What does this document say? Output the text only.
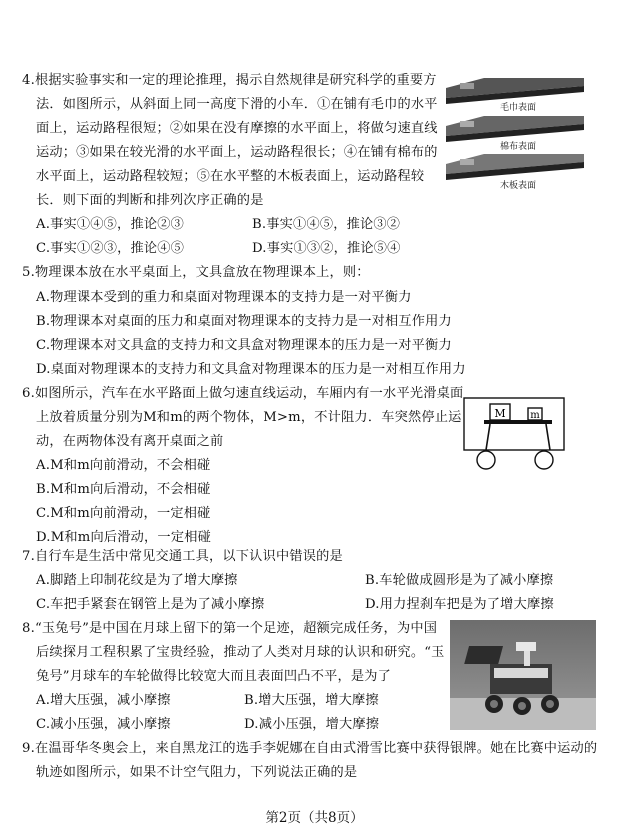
4.根据实验事实和一定的理论推理，揭示自然规律是研究科学的重要方
法．如图所示，从斜面上同一高度下滑的小车．①在铺有毛巾的水平
面上，运动路程很短；②如果在没有摩擦的水平面上，将做匀速直线
运动；③如果在较光滑的水平面上，运动路程很长；④在铺有棉布的
水平面上，运动路程较短；⑤在水平整的木板表面上，运动路程较
长．则下面的判断和排列次序正确的是
A.事实①④⑤，推论②③	B.事实①④⑤，推论③②
C.事实①②③，推论④⑤	D.事实①③②，推论⑤④
毛巾表面
棉布表面
木板表面
5.物理课本放在水平桌面上，文具盒放在物理课本上，则：
A.物理课本受到的重力和桌面对物理课本的支持力是一对平衡力
B.物理课本对桌面的压力和桌面对物理课本的支持力是一对相互作用力
C.物理课本对文具盒的支持力和文具盒对物理课本的压力是一对平衡力
D.桌面对物理课本的支持力和文具盒对物理课本的压力是一对相互作用力
6.如图所示，汽车在水平路面上做匀速直线运动，车厢内有一水平光滑桌面
上放着质量分别为M和m的两个物体，M>m，不计阻力．车突然停止运
动，在两物体没有离开桌面之前
A.M和m向前滑动，不会相碰
B.M和m向后滑动，不会相碰
C.M和m向前滑动，一定相碰
D.M和m向后滑动，一定相碰
M m
7.自行车是生活中常见交通工具，以下认识中错误的是
A.脚踏上印制花纹是为了增大摩擦	B.车轮做成圆形是为了减小摩擦
C.车把手紧套在钢管上是为了减小摩擦	D.用力捏刹车把是为了增大摩擦
8.“玉兔号”是中国在月球上留下的第一个足迹，超额完成任务，为中国
后续探月工程积累了宝贵经验，推动了人类对月球的认识和研究。“玉
兔号”月球车的车轮做得比较宽大而且表面凹凸不平，是为了
A.增大压强，减小摩擦	B.增大压强，增大摩擦
C.减小压强，减小摩擦	D.减小压强，增大摩擦
9.在温哥华冬奥会上，来自黑龙江的选手李妮娜在自由式滑雪比赛中获得银牌。她在比赛中运动的
轨迹如图所示，如果不计空气阻力，下列说法正确的是
第2页（共8页）
